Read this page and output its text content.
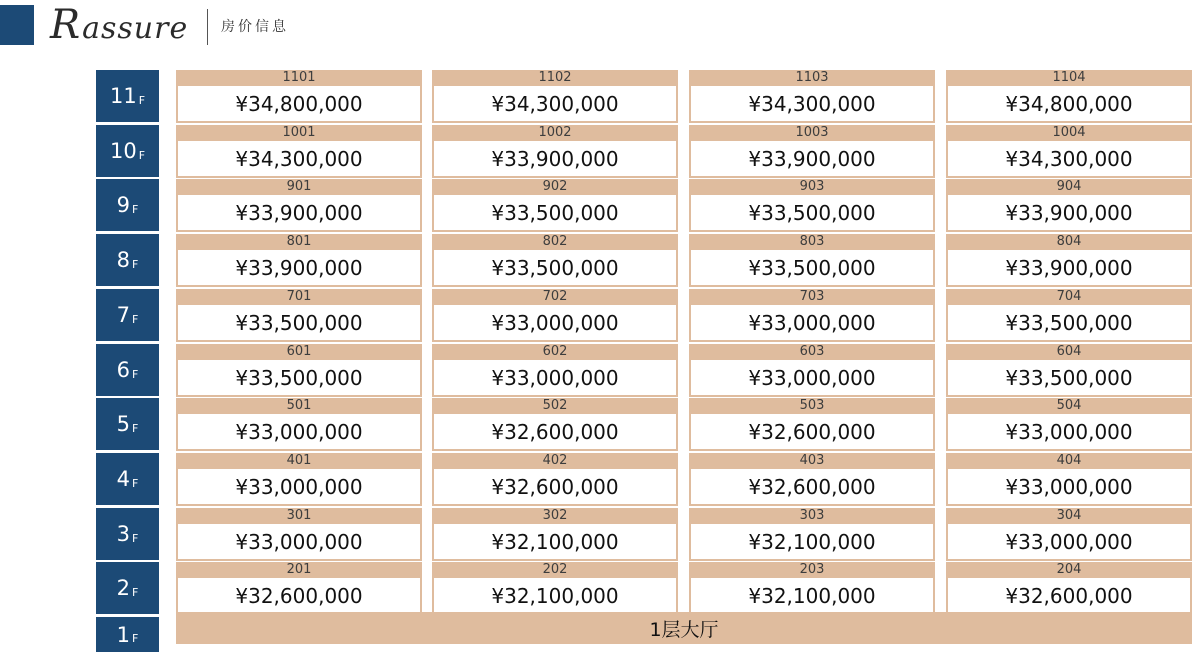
Rassure 房价信息
11 F
1101
¥34,800,000
1102
¥34,300,000
1103
¥34,300,000
1104
¥34,800,000
10 F
1001
¥34,300,000
1002
¥33,900,000
1003
¥33,900,000
1004
¥34,300,000
9 F
901
¥33,900,000
902
¥33,500,000
903
¥33,500,000
904
¥33,900,000
8 F
801
¥33,900,000
802
¥33,500,000
803
¥33,500,000
804
¥33,900,000
7 F
701
¥33,500,000
702
¥33,000,000
703
¥33,000,000
704
¥33,500,000
6 F
601
¥33,500,000
602
¥33,000,000
603
¥33,000,000
604
¥33,500,000
5 F
501
¥33,000,000
502
¥32,600,000
503
¥32,600,000
504
¥33,000,000
4 F
401
¥33,000,000
402
¥32,600,000
403
¥32,600,000
404
¥33,000,000
3 F
301
¥33,000,000
302
¥32,100,000
303
¥32,100,000
304
¥33,000,000
2 F
201
¥32,600,000
202
¥32,100,000
203
¥32,100,000
204
¥32,600,000
1 F	1层大厅
